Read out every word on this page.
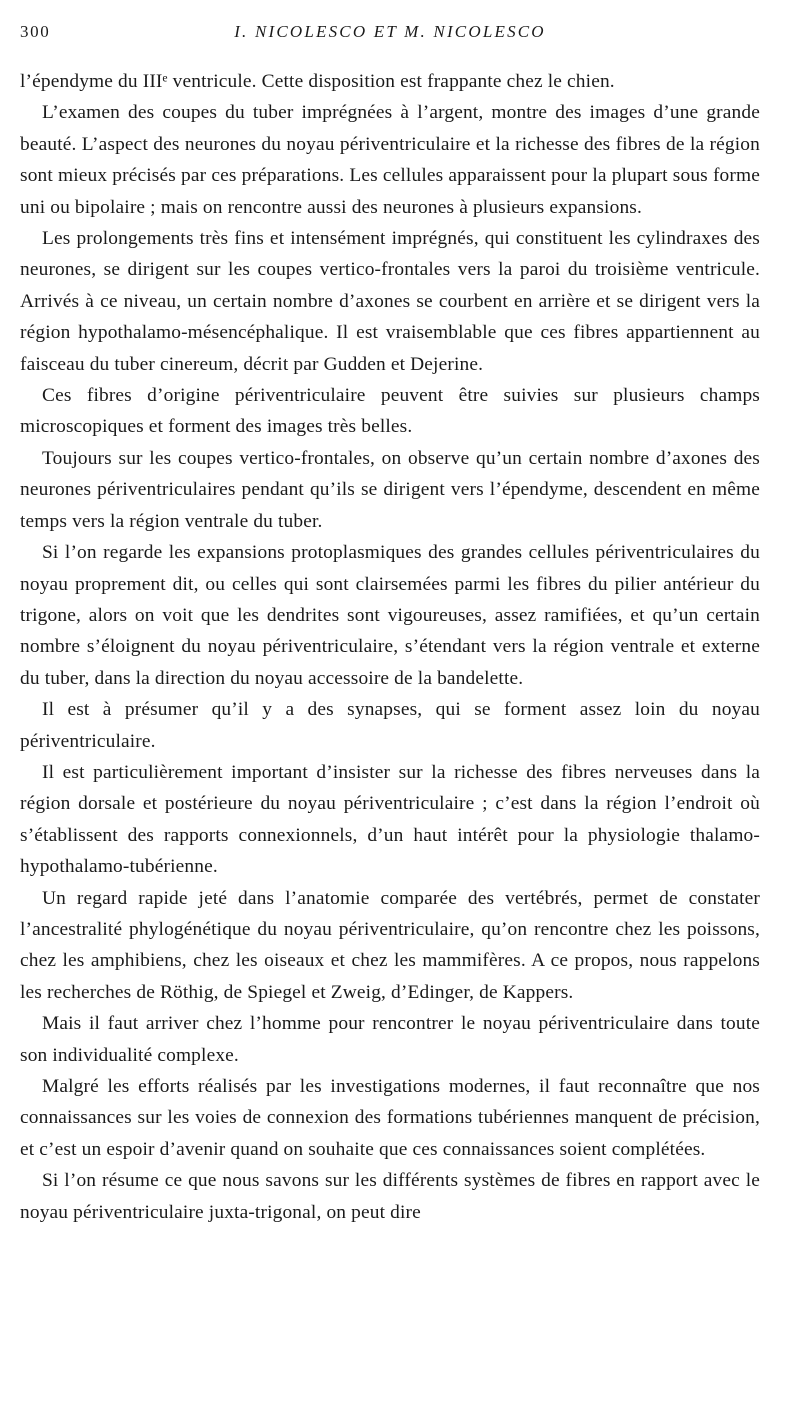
300	I. NICOLESCO ET M. NICOLESCO

l’épendyme du IIIᵉ ventricule. Cette disposition est frappante chez le chien.

L’examen des coupes du tuber imprégnées à l’argent, montre des images d’une grande beauté. L’aspect des neurones du noyau périventriculaire et la richesse des fibres de la région sont mieux précisés par ces préparations. Les cellules apparaissent pour la plupart sous forme uni ou bipolaire ; mais on rencontre aussi des neurones à plusieurs expansions.

Les prolongements très fins et intensément imprégnés, qui constituent les cylindraxes des neurones, se dirigent sur les coupes vertico-frontales vers la paroi du troisième ventricule. Arrivés à ce niveau, un certain nombre d’axones se courbent en arrière et se dirigent vers la région hypothalamo-mésencéphalique. Il est vraisemblable que ces fibres appartiennent au faisceau du tuber cinereum, décrit par Gudden et Dejerine.

Ces fibres d’origine périventriculaire peuvent être suivies sur plusieurs champs microscopiques et forment des images très belles.

Toujours sur les coupes vertico-frontales, on observe qu’un certain nombre d’axones des neurones périventriculaires pendant qu’ils se dirigent vers l’épendyme, descendent en même temps vers la région ventrale du tuber.

Si l’on regarde les expansions protoplasmiques des grandes cellules périventriculaires du noyau proprement dit, ou celles qui sont clairsemées parmi les fibres du pilier antérieur du trigone, alors on voit que les dendrites sont vigoureuses, assez ramifiées, et qu’un certain nombre s’éloignent du noyau périventriculaire, s’étendant vers la région ventrale et externe du tuber, dans la direction du noyau accessoire de la bandelette.

Il est à présumer qu’il y a des synapses, qui se forment assez loin du noyau périventriculaire.

Il est particulièrement important d’insister sur la richesse des fibres nerveuses dans la région dorsale et postérieure du noyau périventriculaire ; c’est dans la région l’endroit où s’établissent des rapports connexionnels, d’un haut intérêt pour la physiologie thalamo-hypothalamo-tubérienne.

Un regard rapide jeté dans l’anatomie comparée des vertébrés, permet de constater l’ancestralité phylogénétique du noyau périventriculaire, qu’on rencontre chez les poissons, chez les amphibiens, chez les oiseaux et chez les mammifères. A ce propos, nous rappelons les recherches de Röthig, de Spiegel et Zweig, d’Edinger, de Kappers.

Mais il faut arriver chez l’homme pour rencontrer le noyau périventriculaire dans toute son individualité complexe.

Malgré les efforts réalisés par les investigations modernes, il faut reconnaître que nos connaissances sur les voies de connexion des formations tubériennes manquent de précision, et c’est un espoir d’avenir quand on souhaite que ces connaissances soient complétées.

Si l’on résume ce que nous savons sur les différents systèmes de fibres en rapport avec le noyau périventriculaire juxta-trigonal, on peut dire
